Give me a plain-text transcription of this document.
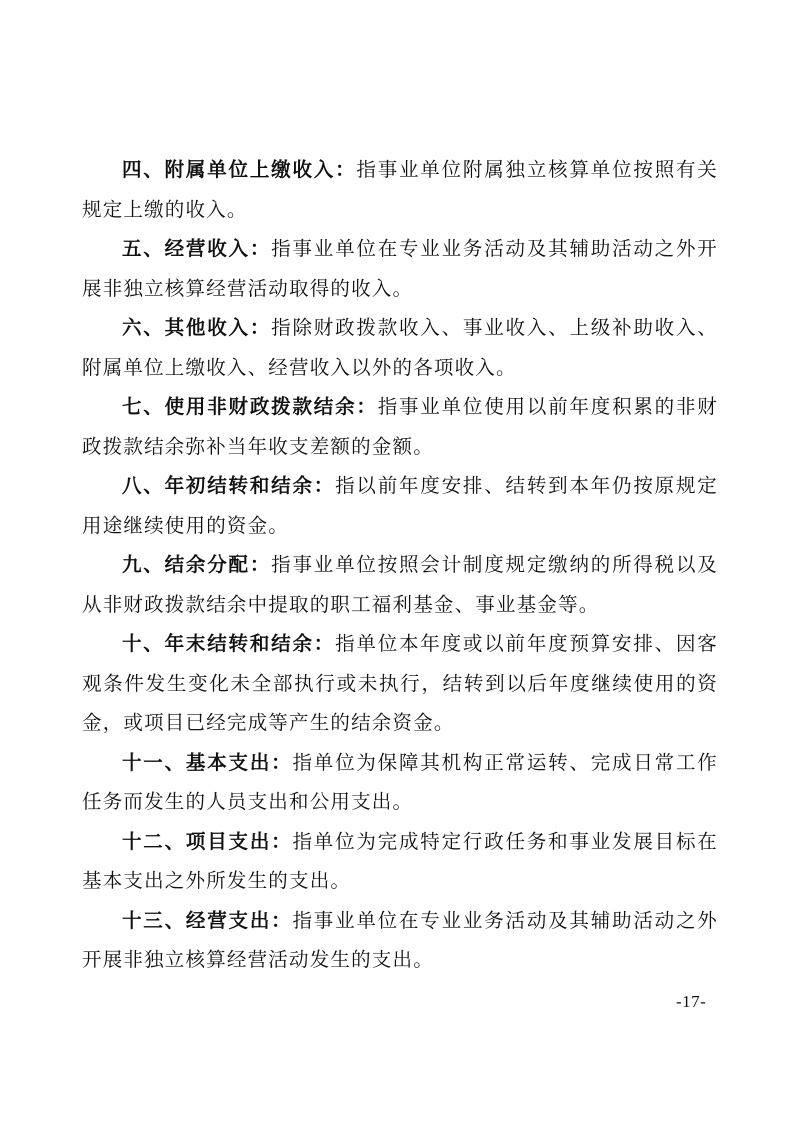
四、附属单位上缴收入：指事业单位附属独立核算单位按照有关规定上缴的收入。

五、经营收入：指事业单位在专业业务活动及其辅助活动之外开展非独立核算经营活动取得的收入。

六、其他收入：指除财政拨款收入、事业收入、上级补助收入、附属单位上缴收入、经营收入以外的各项收入。

七、使用非财政拨款结余：指事业单位使用以前年度积累的非财政拨款结余弥补当年收支差额的金额。

八、年初结转和结余：指以前年度安排、结转到本年仍按原规定用途继续使用的资金。

九、结余分配：指事业单位按照会计制度规定缴纳的所得税以及从非财政拨款结余中提取的职工福利基金、事业基金等。

十、年末结转和结余：指单位本年度或以前年度预算安排、因客观条件发生变化未全部执行或未执行，结转到以后年度继续使用的资金，或项目已经完成等产生的结余资金。

十一、基本支出：指单位为保障其机构正常运转、完成日常工作任务而发生的人员支出和公用支出。

十二、项目支出：指单位为完成特定行政任务和事业发展目标在基本支出之外所发生的支出。

十三、经营支出：指事业单位在专业业务活动及其辅助活动之外开展非独立核算经营活动发生的支出。

-17-
